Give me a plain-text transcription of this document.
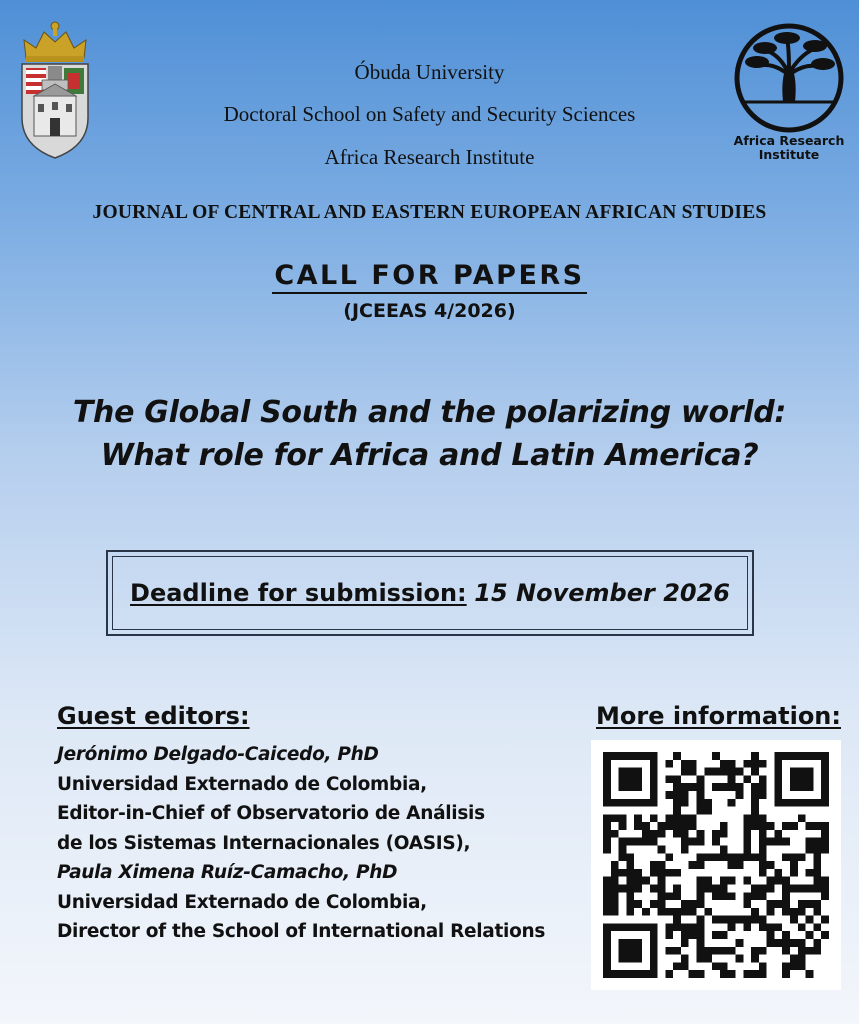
Africa Research
Institute
Óbuda University
Doctoral School on Safety and Security Sciences
Africa Research Institute
JOURNAL OF CENTRAL AND EASTERN EUROPEAN AFRICAN STUDIES
CALL FOR PAPERS
(JCEEAS 4/2026)
The Global South and the polarizing world:
What role for Africa and Latin America?
Deadline for submission: 15 November 2026
Guest editors:	More information:
Jerónimo Delgado-Caicedo, PhD
Universidad Externado de Colombia,
Editor-in-Chief of Observatorio de Análisis
de los Sistemas Internacionales (OASIS),
Paula Ximena Ruíz-Camacho, PhD
Universidad Externado de Colombia,
Director of the School of International Relations
